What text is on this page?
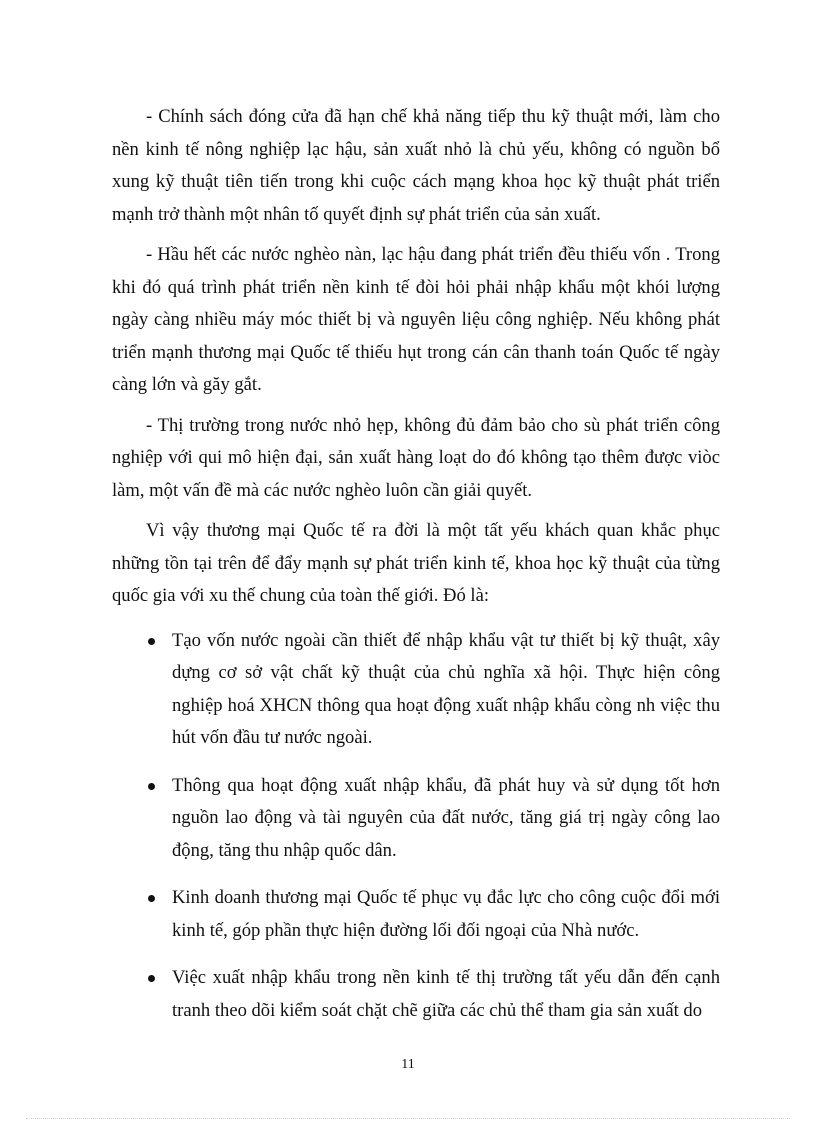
- Chính sách đóng cửa đã hạn chế khả năng tiếp thu kỹ thuật mới, làm cho nền kinh tế nông nghiệp lạc hậu, sản xuất nhỏ là chủ yếu, không có nguồn bổ xung kỹ thuật tiên tiến trong khi cuộc cách mạng khoa học kỹ thuật phát triển mạnh trở thành một nhân tố quyết định sự phát triển của sản xuất.

- Hầu hết các nước nghèo nàn, lạc hậu đang phát triển đều thiếu vốn . Trong khi đó quá trình phát triển nền kinh tế đòi hỏi phải nhập khẩu một khói lượng ngày càng nhiều máy móc thiết bị và nguyên liệu công nghiệp. Nếu không phát triển mạnh thương mại Quốc tế thiếu hụt trong cán cân thanh toán Quốc tế ngày càng lớn và găy gắt.

- Thị trường trong nước nhỏ hẹp, không đủ đảm bảo cho sù phát triển công nghiệp với qui mô hiện đại, sản xuất hàng loạt do đó không tạo thêm được viòc làm, một vấn đề mà các nước nghèo luôn cần giải quyết.

Vì vậy thương mại Quốc tế ra đời là một tất yếu khách quan khắc phục những tồn tại trên để đẩy mạnh sự phát triển kinh tế, khoa học kỹ thuật của từng quốc gia với xu thế chung của toàn thế giới. Đó là:

Tạo vốn nước ngoài cần thiết để nhập khẩu vật tư thiết bị kỹ thuật, xây dựng cơ sở vật chất kỹ thuật của chủ nghĩa xã hội. Thực hiện công nghiệp hoá XHCN thông qua hoạt động xuất nhập khẩu còng nh việc thu hút vốn đầu tư nước ngoài.
Thông qua hoạt động xuất nhập khẩu, đã phát huy và sử dụng tốt hơn nguồn lao động và tài nguyên của đất nước, tăng giá trị ngày công lao động, tăng thu nhập quốc dân.
Kinh doanh thương mại Quốc tế phục vụ đắc lực cho công cuộc đổi mới kinh tế, góp phần thực hiện đường lối đối ngoại của Nhà nước.
Việc xuất nhập khẩu trong nền kinh tế thị trường tất yếu dẫn đến cạnh tranh theo dõi kiểm soát chặt chẽ giữa các chủ thể tham gia sản xuất do
11
